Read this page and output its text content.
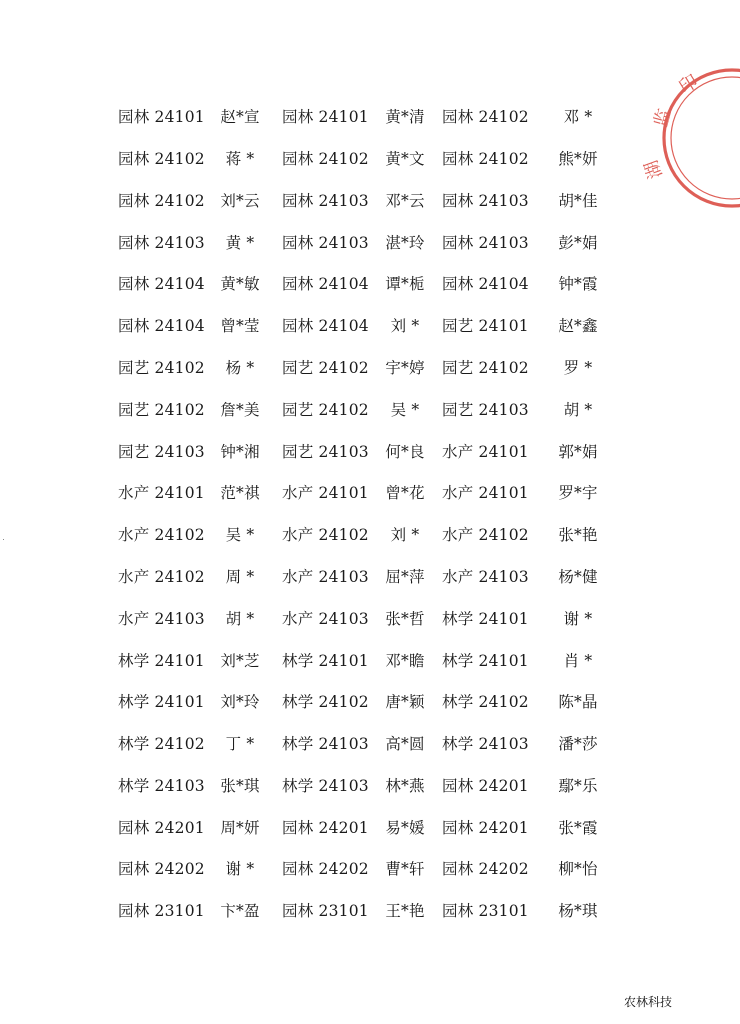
园林 24101 赵*宣	园林 24101	黄*清	园林 24102	邓 *
园林 24102	蒋 *	园林 24102	黄*文	园林 24102	熊*妍
园林 24102 刘*云	园林 24103	邓*云	园林 24103	胡*佳
园林 24103	黄 *	园林 24103	湛*玲	园林 24103	彭*娟
园林 24104 黄*敏	园林 24104	谭*栀	园林 24104	钟*霞
园林 24104 曾*莹	园林 24104	刘 *	园艺 24101	赵*鑫
园艺 24102	杨 *	园艺 24102	宇*婷	园艺 24102	罗 *
园艺 24102 詹*美	园艺 24102	吴 *	园艺 24103	胡 *
园艺 24103 钟*湘	园艺 24103	何*良	水产 24101	郭*娟
水产 24101 范*祺	水产 24101	曾*花	水产 24101	罗*宇
水产 24102	吴 *	水产 24102	刘 *	水产 24102	张*艳
水产 24102	周 *	水产 24103	屈*萍	水产 24103	杨*健
水产 24103	胡 *	水产 24103	张*哲	林学 24101	谢 *
林学 24101 刘*芝	林学 24101	邓*瞻	林学 24101	肖 *
林学 24101 刘*玲	林学 24102	唐*颖	林学 24102	陈*晶
林学 24102	丁 *	林学 24103	高*圆	林学 24103	潘*莎
林学 24103 张*琪	林学 24103	林*燕	园林 24201	鄢*乐
园林 24201 周*妍	园林 24201	易*媛	园林 24201	张*霞
园林 24202	谢 *	园林 24202	曹*轩	园林 24202	柳*怡
园林 23101 卞*盈	园林 23101	王*艳	园林 23101	杨*琪
印
监
湖
农林科技
